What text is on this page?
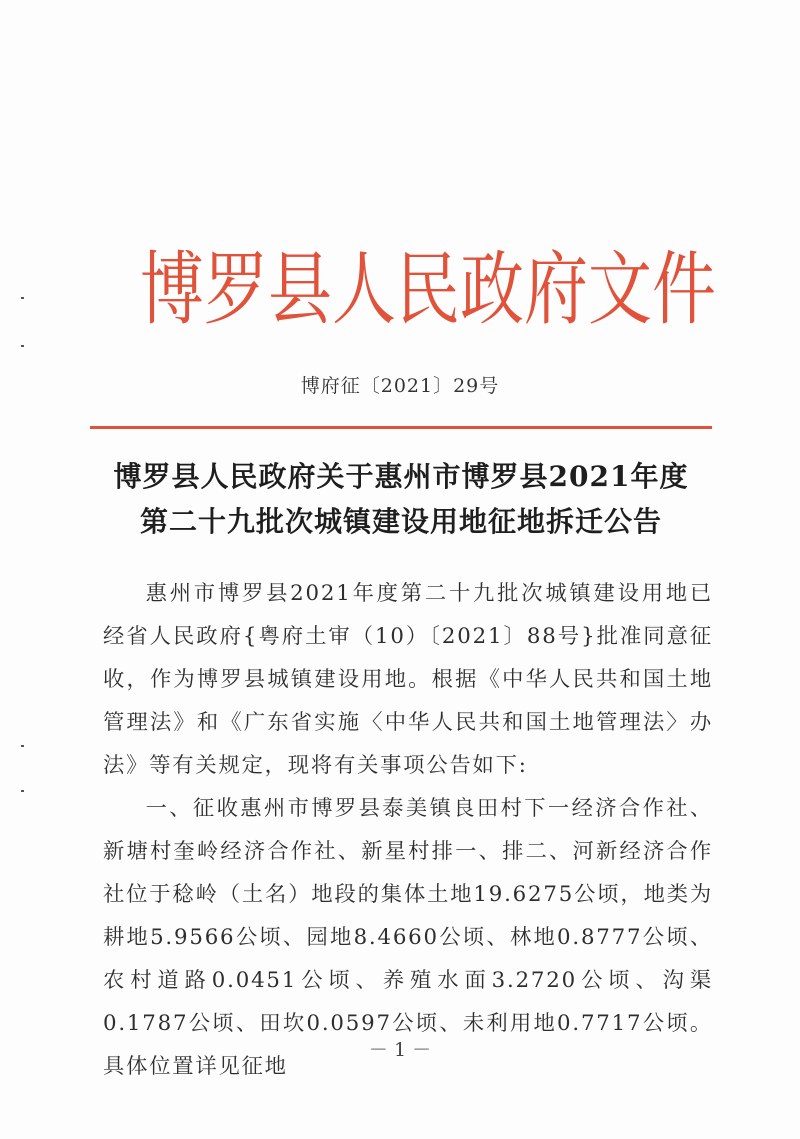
博 罗 县 人 民 政 府 文 件
博府征〔2021〕29号
博罗县人民政府关于惠州市博罗县2021年度
第二十九批次城镇建设用地征地拆迁公告

惠州市博罗县2021年度第二十九批次城镇建设用地已经省人民政府{粤府土审（10）〔2021〕88号}批准同意征收，作为博罗县城镇建设用地。根据《中华人民共和国土地管理法》和《广东省实施〈中华人民共和国土地管理法〉办法》等有关规定，现将有关事项公告如下:

一、征收惠州市博罗县泰美镇良田村下一经济合作社、新塘村奎岭经济合作社、新星村排一、排二、河新经济合作社位于稔岭（土名）地段的集体土地19.6275公顷，地类为耕地5.9566公顷、园地8.4660公顷、林地0.8777公顷、农村道路0.0451公顷、养殖水面3.2720公顷、沟渠0.1787公顷、田坎0.0597公顷、未利用地0.7717公顷。具体位置详见征地

－ 1 －
